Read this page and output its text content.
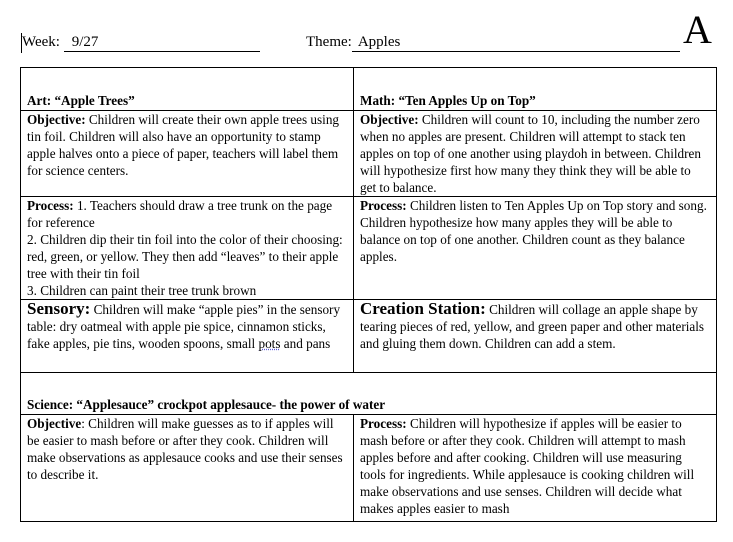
Week: 9/27	Theme: Apples	A
Art: “Apple Trees”	Math: “Ten Apples Up on Top”
Objective: Children will create their own apple trees using tin foil. Children will also have an opportunity to stamp apple halves onto a piece of paper, teachers will label them for science centers.	Objective: Children will count to 10, including the number zero when no apples are present. Children will attempt to stack ten apples on top of one another using playdoh in between. Children will hypothesize first how many they think they will be able to get to balance.

Process: 1. Teachers should draw a tree trunk on the page for reference
2. Children dip their tin foil into the color of their choosing: red, green, or yellow. They then add “leaves” to their apple tree with their tin foil
3. Children can paint their tree trunk brown	Process: Children listen to Ten Apples Up on Top story and song. Children hypothesize how many apples they will be able to balance on top of one another. Children count as they balance apples.
Sensory: Children will make “apple pies” in the sensory table: dry oatmeal with apple pie spice, cinnamon sticks, fake apples, pie tins, wooden spoons, small pots and pans	Creation Station: Children will collage an apple shape by tearing pieces of red, yellow, and green paper and other materials and gluing them down. Children can add a stem.
Science: “Applesauce” crockpot applesauce- the power of water	
Objective: Children will make guesses as to if apples will be easier to mash before or after they cook. Children will make observations as applesauce cooks and use their senses to describe it.	Process: Children will hypothesize if apples will be easier to mash before or after they cook. Children will attempt to mash apples before and after cooking. Children will use measuring tools for ingredients. While applesauce is cooking children will make observations and use senses. Children will decide what makes apples easier to mash
